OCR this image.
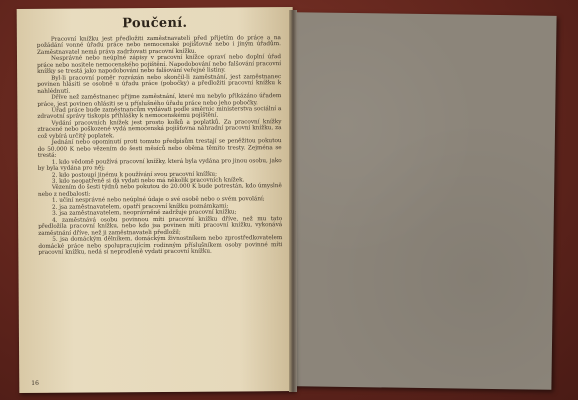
Poučení.

Pracovní knížku jest předložiti zaměstnavateli před přijetím do práce a na požádání vonné úřadu práce nebo nemocenské pojišťovně nebo i jiným úřadům. Zaměstnavatel nemá práva zadržovati pracovní knížku.

Nesprávné nebo neúplné zápisy v pracovní knížce opraví nebo doplní úřad práce nebo nositele nemocenského pojištění. Napodobování nebo falšování pracovní knížky se trestá jako napodobování nebo falšování veřejné listiny.

Byl-li pracovní poměr rozvázán nebo skončil-li zaměstnání, jest zaměstnanec povinen hlásiti se osobně u úřadu práce (pobočky) a předložiti pracovní knížku k nahlédnutí.

Dříve než zaměstnanec přijme zaměstnání, které mu nebylo přikázáno úřadem práce, jest povinen ohlásiti se u příslušného úřadu práce nebo jeho pobočky.

Úřad práce bude zaměstnancům vydávati podle směrnic ministerstva sociální a zdravotní správy tiskopis příhlášky k nemocenskému pojištění.

Vydání pracovních knížek jest prosto kolků a poplatků. Za pracovní knížky ztracené nebo poškozené vydá nemocenská pojišťovna náhradní pracovní knížku, za což vybírá určitý poplatek.

Jednání nebo opominutí proti tomuto předpisům trestají se peněžitou pokutou do 50.000 K nebo vězením do šesti měsíců nebo oběma těmito tresty. Zejména se trestá:

1. kdo vědomě používá pracovní knížky, která byla vydána pro jinou osobu, jako by byla vydána pro něj;

2. kdo postoupí jinému k používání svou pracovní knížku;

3. kdo neopatřeně si dá vydati nebo má několik pracovních knížek.

Vězením do šesti týdnů nebo pokutou do 20.000 K bude potrestán, kdo úmyslně nebo z nedbalosti:

1. učiní nesprávné nebo neúplné údaje o své osobě nebo o svém povolání;

2. jsa zaměstnavatelem, opatří pracovní knížku poznámkami;

3. jsa zaměstnavatelem, neoprávněně zadržuje pracovní knížku;

4. zaměstnává osobu povinnou míti pracovní knížku dříve, než mu tato předložila pracovní knížku, nebo kdo jsa povinen míti pracovní knížku, vykonává zaměstnání dříve, než ji zaměstnavateli předložil;

5. jsa domáckým dělníkem, domáckým živnostníkem nebo zprostředkovatelem domácké práce nebo spolupracujícím rodinným příslušníkem osoby povinné míti pracovní knížku, nedá si neprodleně vydati pracovní knížku.

16
